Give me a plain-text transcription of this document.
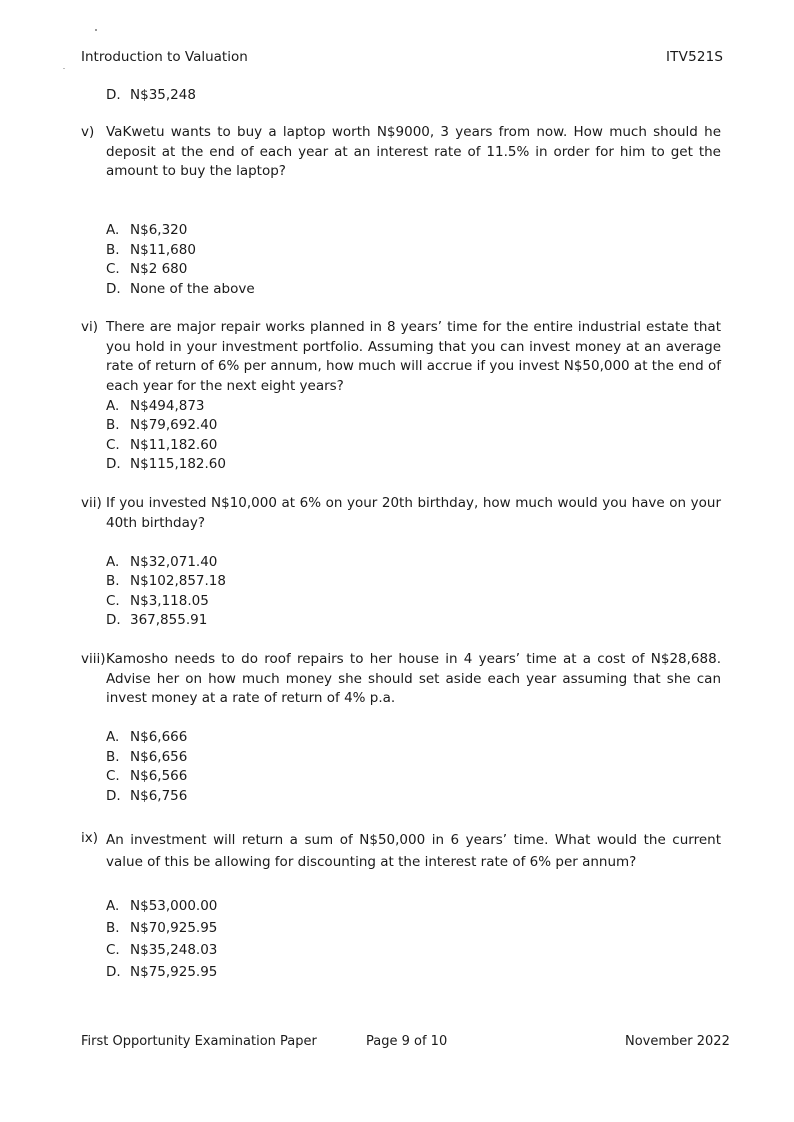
Introduction to Valuation	ITV521S
D. N$35,248
v) VaKwetu wants to buy a laptop worth N$9000, 3 years from now. How much should he deposit at the end of each year at an interest rate of 11.5% in order for him to get the amount to buy the laptop?
A. N$6,320
B. N$11,680
C. N$2 680
D. None of the above
vi) There are major repair works planned in 8 years’ time for the entire industrial estate that you hold in your investment portfolio. Assuming that you can invest money at an average rate of return of 6% per annum, how much will accrue if you invest N$50,000 at the end of each year for the next eight years?
A. N$494,873
B. N$79,692.40
C. N$11,182.60
D. N$115,182.60
vii) If you invested N$10,000 at 6% on your 20th birthday, how much would you have on your 40th birthday?
A. N$32,071.40
B. N$102,857.18
C. N$3,118.05
D. 367,855.91
viii) Kamosho needs to do roof repairs to her house in 4 years’ time at a cost of N$28,688. Advise her on how much money she should set aside each year assuming that she can invest money at a rate of return of 4% p.a.
A. N$6,666
B. N$6,656
C. N$6,566
D. N$6,756
ix) An investment will return a sum of N$50,000 in 6 years’ time. What would the current value of this be allowing for discounting at the interest rate of 6% per annum?
A. N$53,000.00
B. N$70,925.95
C. N$35,248.03
D. N$75,925.95
First Opportunity Examination Paper	Page 9 of 10	November 2022
